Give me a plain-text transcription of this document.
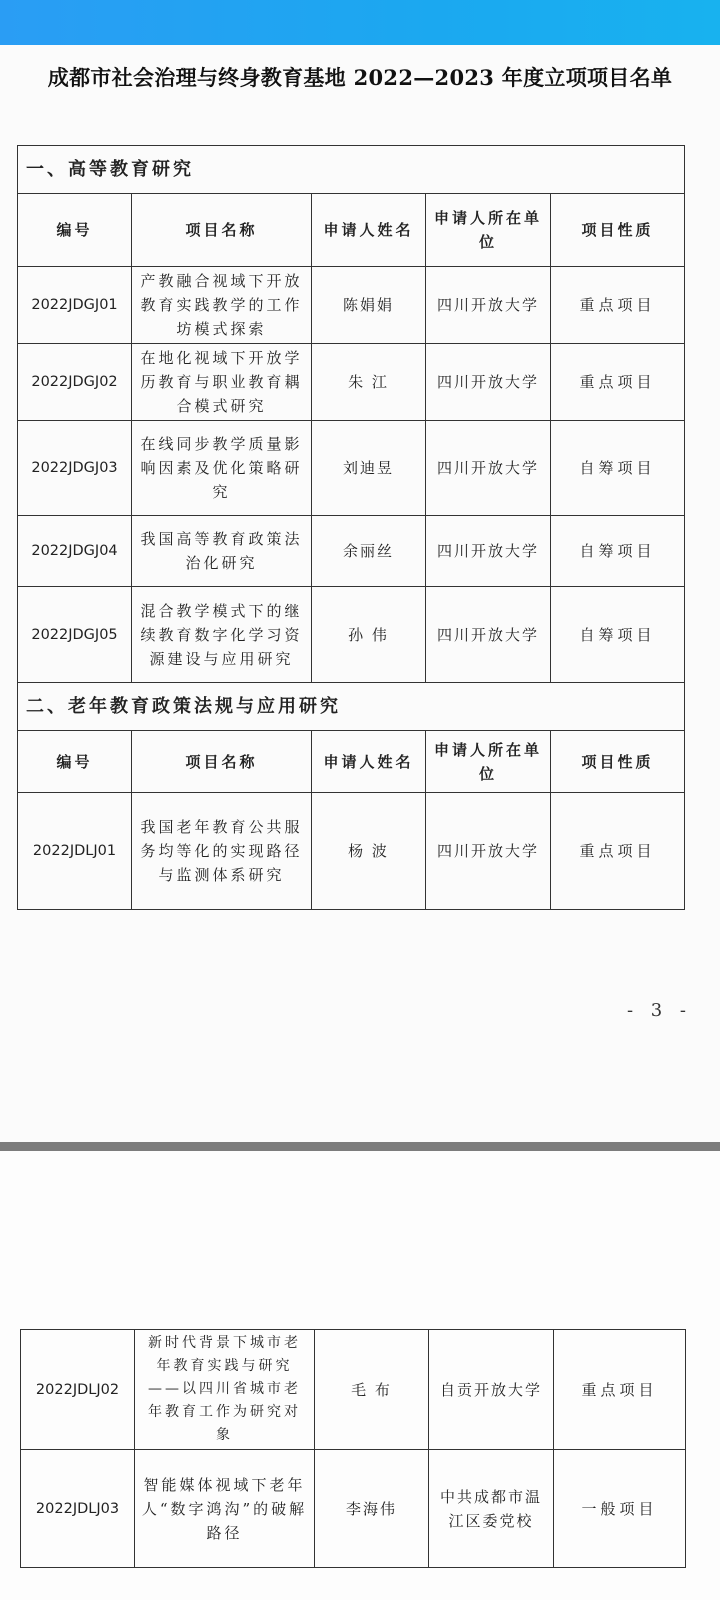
成都市社会治理与终身教育基地 2022—2023 年度立项项目名单
一、高等教育研究				
编号	项目名称	申请人姓名	申请人所在单位	项目性质
2022JDGJ01	产教融合视域下开放教育实践教学的工作坊模式探索	陈娟娟	四川开放大学	重点项目
2022JDGJ02	在地化视域下开放学历教育与职业教育耦合模式研究	朱 江	四川开放大学	重点项目
2022JDGJ03	在线同步教学质量影响因素及优化策略研究	刘迪昱	四川开放大学	自筹项目
2022JDGJ04	我国高等教育政策法治化研究	余丽丝	四川开放大学	自筹项目
2022JDGJ05	混合教学模式下的继续教育数字化学习资源建设与应用研究	孙 伟	四川开放大学	自筹项目
二、老年教育政策法规与应用研究				
编号	项目名称	申请人姓名	申请人所在单位	项目性质
2022JDLJ01	我国老年教育公共服务均等化的实现路径与监测体系研究	杨 波	四川开放大学	重点项目
- 3 -
2022JDLJ02	新时代背景下城市老年教育实践与研究——以四川省城市老年教育工作为研究对象	毛 布	自贡开放大学	重点项目
2022JDLJ03	智能媒体视域下老年人“数字鸿沟”的破解路径	李海伟	中共成都市温江区委党校	一般项目
